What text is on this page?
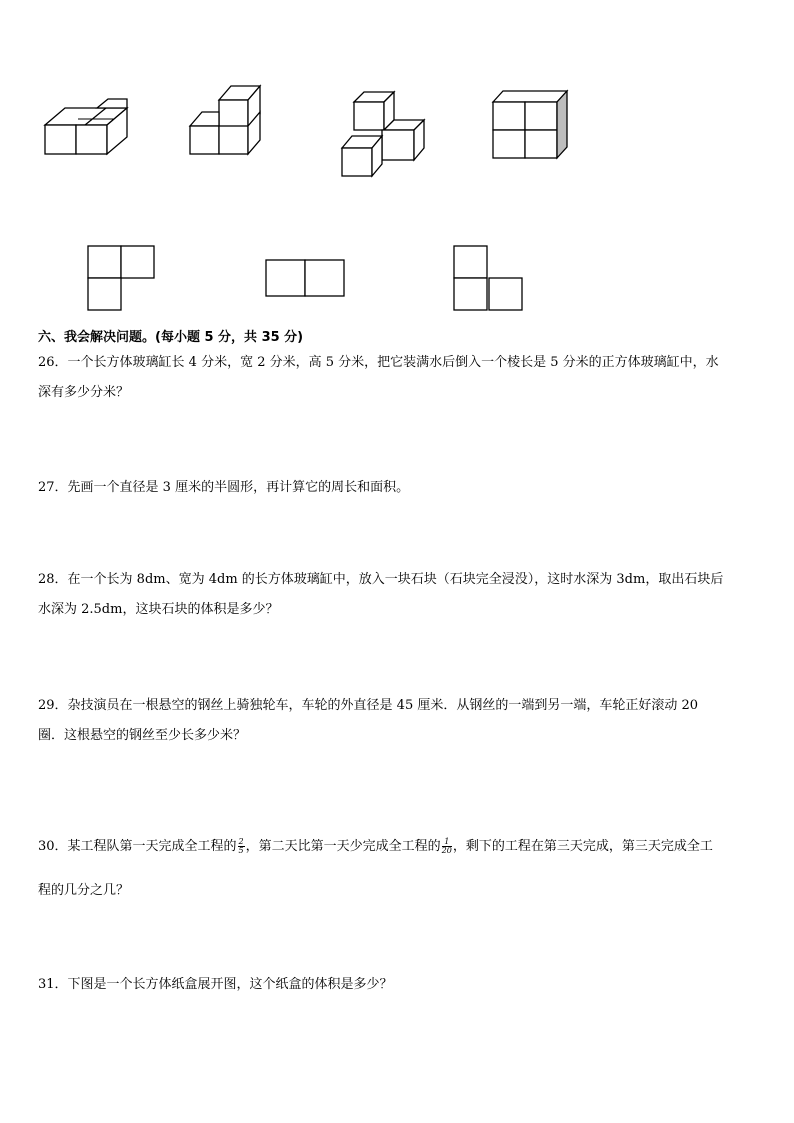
六、我会解决问题。(每小题 5 分，共 35 分)
26．一个长方体玻璃缸长 4 分米，宽 2 分米，高 5 分米，把它装满水后倒入一个棱长是 5 分米的正方体玻璃缸中，水
深有多少分米？
27．先画一个直径是 3 厘米的半圆形，再计算它的周长和面积。
28．在一个长为 8dm、宽为 4dm 的长方体玻璃缸中，放入一块石块（石块完全浸没），这时水深为 3dm，取出石块后
水深为 2.5dm，这块石块的体积是多少？
29．杂技演员在一根悬空的钢丝上骑独轮车，车轮的外直径是 45 厘米．从钢丝的一端到另一端，车轮正好滚动 20
圈．这根悬空的钢丝至少长多少米？
30．某工程队第一天完成全工程的 $\frac{2}{5}$ ，第二天比第一天少完成全工程的 $\frac{1}{20}$ ，剩下的工程在第三天完成，第三天完成全工
程的几分之几？
31．下图是一个长方体纸盒展开图，这个纸盒的体积是多少？
